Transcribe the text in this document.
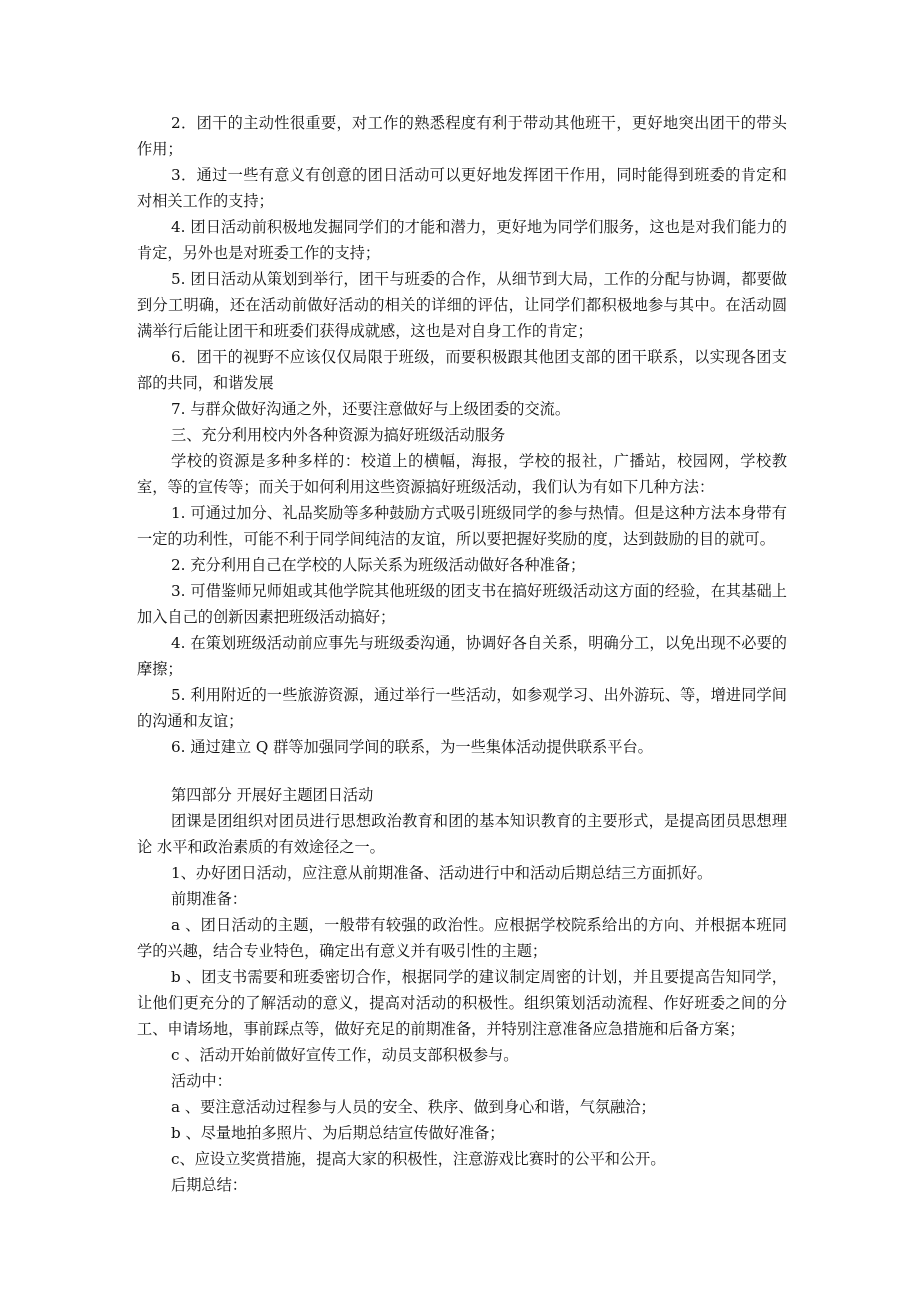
2．团干的主动性很重要，对工作的熟悉程度有利于带动其他班干，更好地突出团干的带头作用；

3．通过一些有意义有创意的团日活动可以更好地发挥团干作用，同时能得到班委的肯定和对相关工作的支持；

4. 团日活动前积极地发掘同学们的才能和潜力，更好地为同学们服务，这也是对我们能力的肯定，另外也是对班委工作的支持；

5. 团日活动从策划到举行，团干与班委的合作，从细节到大局，工作的分配与协调，都要做到分工明确，还在活动前做好活动的相关的详细的评估，让同学们都积极地参与其中。在活动圆满举行后能让团干和班委们获得成就感，这也是对自身工作的肯定；

6．团干的视野不应该仅仅局限于班级，而要积极跟其他团支部的团干联系，以实现各团支部的共同，和谐发展

7. 与群众做好沟通之外，还要注意做好与上级团委的交流。

三、充分利用校内外各种资源为搞好班级活动服务

学校的资源是多种多样的：校道上的横幅，海报，学校的报社，广播站，校园网，学校教室，等的宣传等；而关于如何利用这些资源搞好班级活动，我们认为有如下几种方法：

1. 可通过加分、礼品奖励等多种鼓励方式吸引班级同学的参与热情。但是这种方法本身带有一定的功利性，可能不利于同学间纯洁的友谊，所以要把握好奖励的度，达到鼓励的目的就可。

2. 充分利用自己在学校的人际关系为班级活动做好各种准备；

3. 可借鉴师兄师姐或其他学院其他班级的团支书在搞好班级活动这方面的经验，在其基础上加入自己的创新因素把班级活动搞好；

4. 在策划班级活动前应事先与班级委沟通，协调好各自关系，明确分工，以免出现不必要的摩擦；

5. 利用附近的一些旅游资源，通过举行一些活动，如参观学习、出外游玩、等，增进同学间的沟通和友谊；

6. 通过建立 Q 群等加强同学间的联系，为一些集体活动提供联系平台。

第四部分 开展好主题团日活动

团课是团组织对团员进行思想政治教育和团的基本知识教育的主要形式，是提高团员思想理论 水平和政治素质的有效途径之一。

1、办好团日活动，应注意从前期准备、活动进行中和活动后期总结三方面抓好。

前期准备：

a 、团日活动的主题，一般带有较强的政治性。应根据学校院系给出的方向、并根据本班同学的兴趣，结合专业特色，确定出有意义并有吸引性的主题；

b 、团支书需要和班委密切合作，根据同学的建议制定周密的计划，并且要提高告知同学，让他们更充分的了解活动的意义，提高对活动的积极性。组织策划活动流程、作好班委之间的分工、申请场地，事前踩点等，做好充足的前期准备，并特别注意准备应急措施和后备方案；

c 、活动开始前做好宣传工作，动员支部积极参与。

活动中：

a 、要注意活动过程参与人员的安全、秩序、做到身心和谐，气氛融洽；

b 、尽量地拍多照片、为后期总结宣传做好准备；

c、应设立奖赏措施，提高大家的积极性，注意游戏比赛时的公平和公开。

后期总结：
